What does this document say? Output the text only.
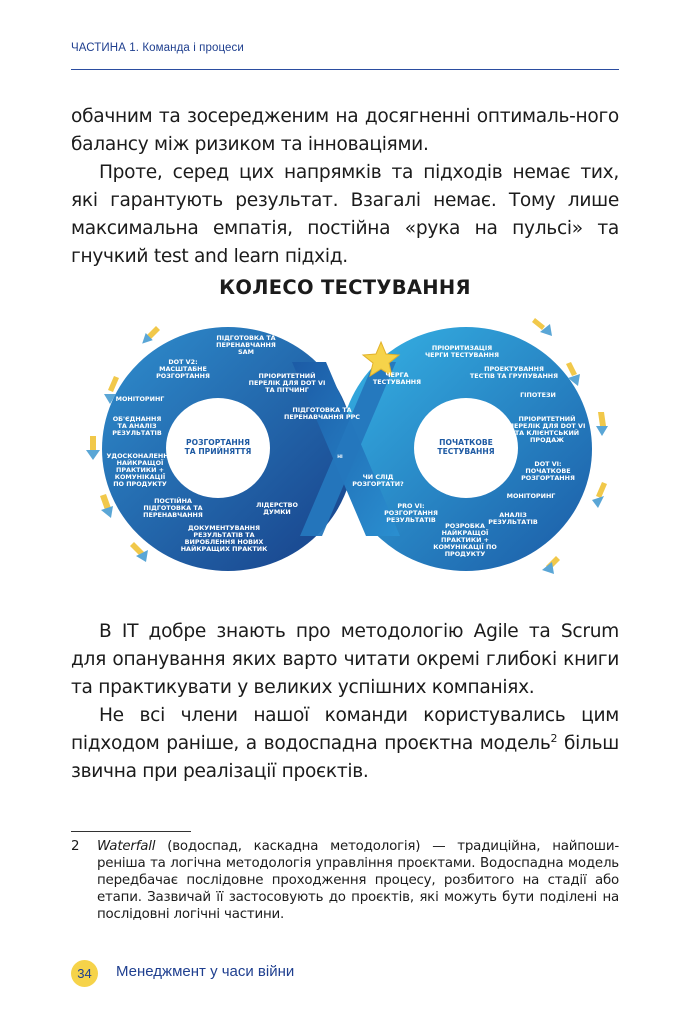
ЧАСТИНА 1. Команда і процеси

обачним та зосередженим на досягненні оптималь-ного балансу між ризиком та інноваціями.

Проте, серед цих напрямків та підходів немає тих, які гарантують результат. Взагалі немає. Тому лише максимальна емпатія, постійна «рука на пульсі» та гнучкий test and learn підхід.

КОЛЕСО ТЕСТУВАННЯ
РОЗГОРТАННЯ ТА ПРИЙНЯТТЯ
ПОЧАТКОВЕ ТЕСТУВАННЯ
ПІДГОТОВКА ТА ПЕРЕНАВЧАННЯ SAM
DOT V2: МАСШТАБНЕ РОЗГОРТАННЯ	ПРІОРИТЕТНИЙ ПЕРЕЛІК ДЛЯ DOT VI ТА ПІТЧИНГ
МОНІТОРИНГ
ОБ'ЄДНАННЯ ТА АНАЛІЗ РЕЗУЛЬТАТІВ
ПІДГОТОВКА ТА ПЕРЕНАВЧАННЯ PPC
УДОСКОНАЛЕННЯ НАЙКРАЩОЇ ПРАКТИКИ + КОМУНІКАЦІЇ ПО ПРОДУКТУ
ПОСТІЙНА ПІДГОТОВКА ТА ПЕРЕНАВЧАННЯ
ЛІДЕРСТВО ДУМКИ
ДОКУМЕНТУВАННЯ РЕЗУЛЬТАТІВ ТА ВИРОБЛЕННЯ НОВИХ НАЙКРАЩИХ ПРАКТИК
НІ
ПРІОРИТИЗАЦІЯ ЧЕРГИ ТЕСТУВАННЯ
ЧЕРГА ТЕСТУВАННЯ
ПРОЕКТУВАННЯ ТЕСТІВ ТА ГРУПУВАННЯ
ГІПОТЕЗИ
ПРІОРИТЕТНИЙ ПЕРЕЛІК ДЛЯ DOT VI ТА КЛІЄНТСЬКИЙ ПРОДАЖ
DOT VI: ПОЧАТКОВЕ РОЗГОРТАННЯ
ЧИ СЛІД РОЗГОРТАТИ?
МОНІТОРИНГ
PRO VI: РОЗГОРТАННЯ РЕЗУЛЬТАТІВ
АНАЛІЗ РЕЗУЛЬТАТІВ
РОЗРОБКА НАЙКРАЩОЇ ПРАКТИКИ + КОМУНІКАЦІЇ ПО ПРОДУКТУ

В IT добре знають про методологію Agile та Scrum для опанування яких варто читати окремі глибокі книги та практикувати у великих успішних компаніях.

Не всі члени нашої команди користувались цим підходом раніше, а водоспадна проєктна модель$^2$ більш звична при реалізації проєктів.

2 Waterfall (водоспад, каскадна методологія) — традиційна, найпоши-реніша та логічна методологія управління проєктами. Водоспадна модель передбачає послідовне проходження процесу, розбитого на стадії або етапи. Зазвичай її застосовують до проєктів, які можуть бути поділені на послідовні логічні частини.
34	Менеджмент у часи війни
